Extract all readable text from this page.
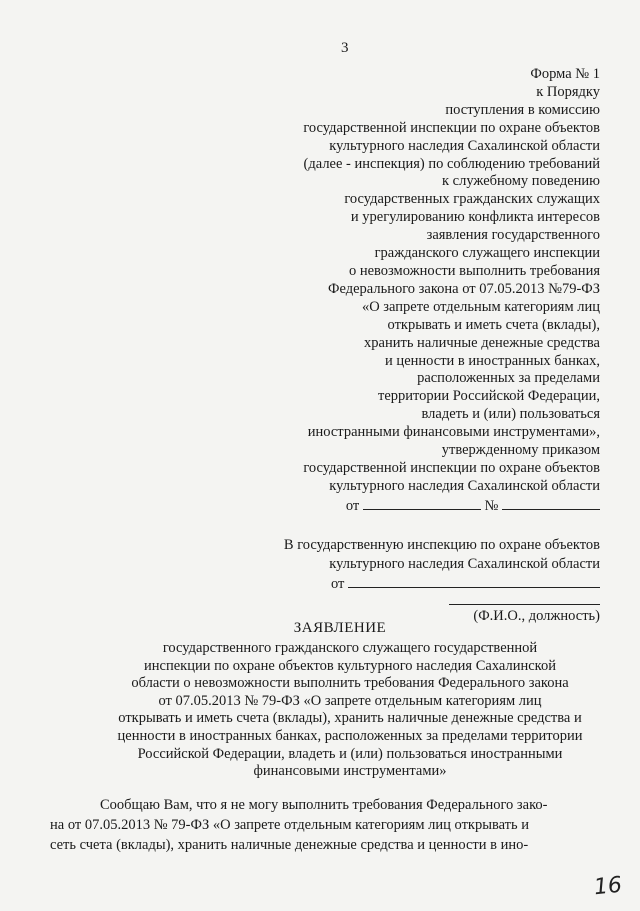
3
Форма № 1
к Порядку
поступления в комиссию
государственной инспекции по охране объектов
культурного наследия Сахалинской области
(далее - инспекция) по соблюдению требований
к служебному поведению
государственных гражданских служащих
и урегулированию конфликта интересов
заявления государственного
гражданского служащего инспекции
о невозможности выполнить требования
Федерального закона от 07.05.2013 №79-ФЗ
«О запрете отдельным категориям лиц
открывать и иметь счета (вклады),
хранить наличные денежные средства
и ценности в иностранных банках,
расположенных за пределами
территории Российской Федерации,
владеть и (или) пользоваться
иностранными финансовыми инструментами»,
утвержденному приказом
государственной инспекции по охране объектов
культурного наследия Сахалинской области
от	№
В государственную инспекцию по охране объектов
культурного наследия Сахалинской области
от
(Ф.И.О., должность)
ЗАЯВЛЕНИЕ
государственного гражданского служащего государственной
инспекции по охране объектов культурного наследия Сахалинской
области о невозможности выполнить требования Федерального закона
от 07.05.2013 № 79-ФЗ «О запрете отдельным категориям лиц
открывать и иметь счета (вклады), хранить наличные денежные средства и
ценности в иностранных банках, расположенных за пределами территории
Российской Федерации, владеть и (или) пользоваться иностранными
финансовыми инструментами»
Сообщаю Вам, что я не могу выполнить требования Федерального зако-
на от 07.05.2013 № 79-ФЗ «О запрете отдельным категориям лиц открывать и
сеть счета (вклады), хранить наличные денежные средства и ценности в ино-
16
